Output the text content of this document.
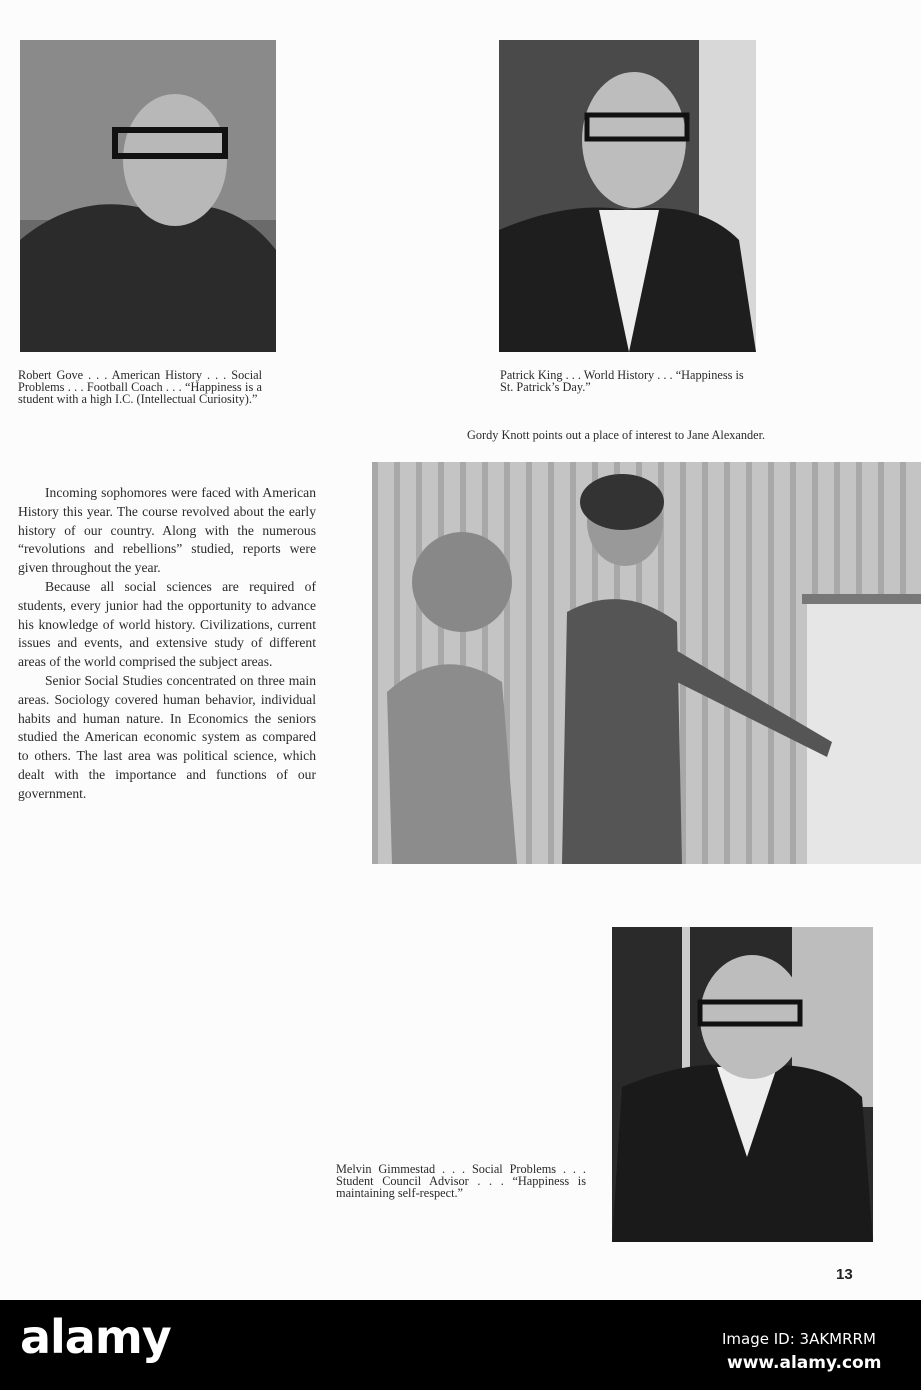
Robert Gove . . . American History . . . Social Problems . . . Football Coach . . . “Happiness is a student with a high I.C. (Intellectual Curiosity).”
Patrick King . . . World History . . . “Happiness is St. Patrick’s Day.”
Gordy Knott points out a place of interest to Jane Alexander.

Incoming sophomores were faced with American History this year. The course revolved about the early history of our country. Along with the numerous “revolutions and rebellions” studied, reports were given throughout the year.

Because all social sciences are required of students, every junior had the opportunity to advance his knowledge of world history. Civilizations, current issues and events, and extensive study of different areas of the world comprised the subject areas.

Senior Social Studies concentrated on three main areas. Sociology covered human behavior, individual habits and human nature. In Economics the seniors studied the American economic system as compared to others. The last area was political science, which dealt with the importance and functions of our government.

Melvin Gimmestad . . . Social Problems . . . Student Council Advisor . . . “Happiness is maintaining self-respect.”
13
alamy	Image ID: 3AKMRRM
www.alamy.com
